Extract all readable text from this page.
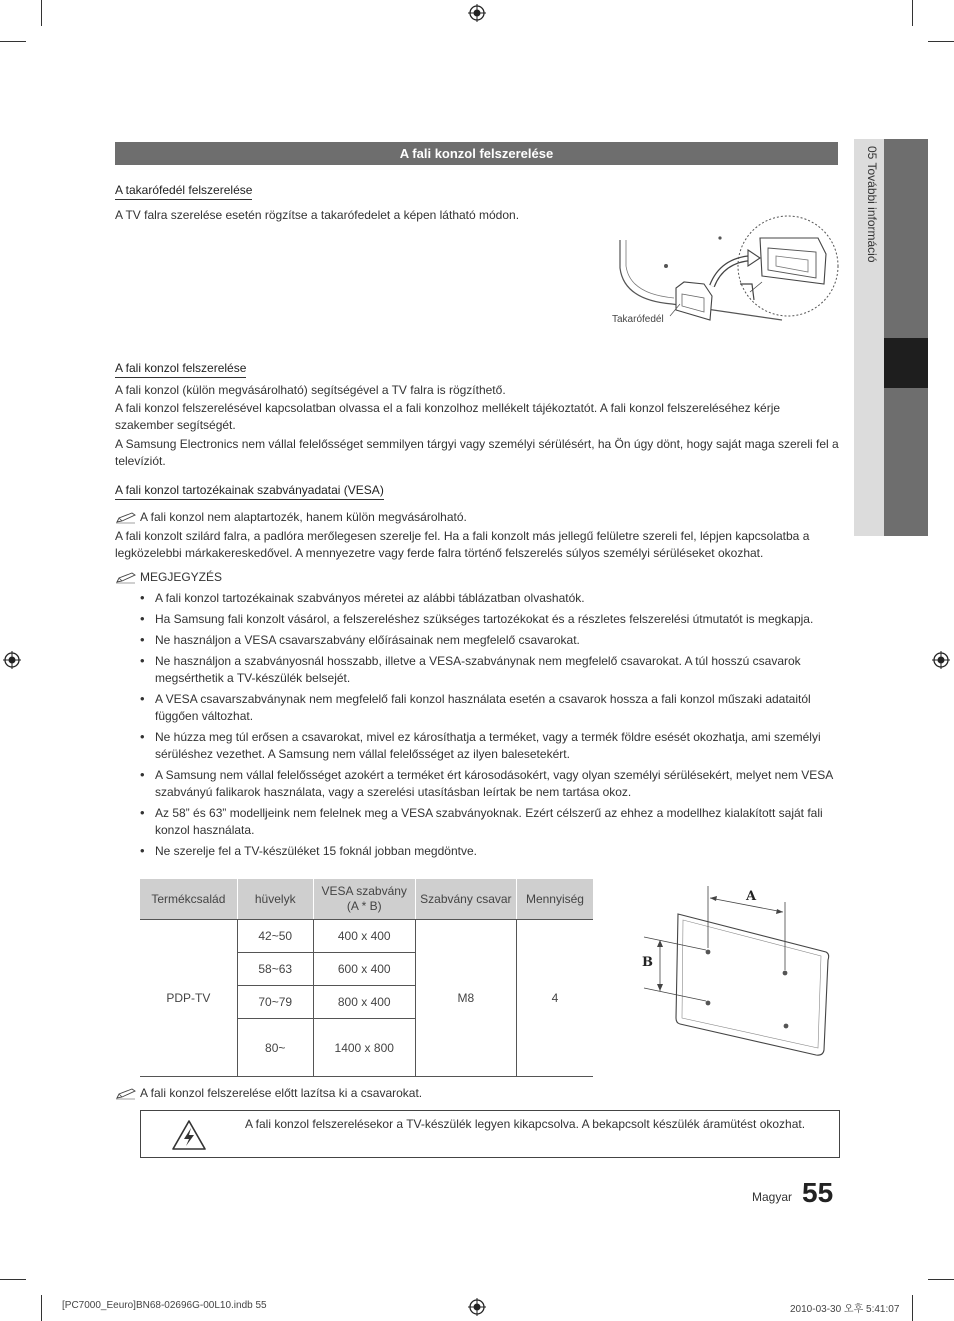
05 További információ
A fali konzol felszerelése
A takarófedél felszerelése
A TV falra szerelése esetén rögzítse a takarófedelet a képen látható módon.
Takarófedél
A fali konzol felszerelése
A fali konzol (külön megvásárolható) segítségével a TV falra is rögzíthető.
A fali konzol felszerelésével kapcsolatban olvassa el a fali konzolhoz mellékelt tájékoztatót. A fali konzol felszereléséhez kérje szakember segítségét.
A Samsung Electronics nem vállal felelősséget semmilyen tárgyi vagy személyi sérülésért, ha Ön úgy dönt, hogy saját maga szereli fel a televíziót.
A fali konzol tartozékainak szabványadatai (VESA)
A fali konzol nem alaptartozék, hanem külön megvásárolható.
A fali konzolt szilárd falra, a padlóra merőlegesen szerelje fel. Ha a fali konzolt más jellegű felületre szereli fel, lépjen kapcsolatba a legközelebbi márkakereskedővel. A mennyezetre vagy ferde falra történő felszerelés súlyos személyi sérüléseket okozhat.
MEGJEGYZÉS
• A fali konzol tartozékainak szabványos méretei az alábbi táblázatban olvashatók.
• Ha Samsung fali konzolt vásárol, a felszereléshez szükséges tartozékokat és a részletes felszerelési útmutatót is megkapja.
• Ne használjon a VESA csavarszabvány előírásainak nem megfelelő csavarokat.
• Ne használjon a szabványosnál hosszabb, illetve a VESA-szabványnak nem megfelelő csavarokat. A túl hosszú csavarok megsérthetik a TV-készülék belsejét.
• A VESA csavarszabványnak nem megfelelő fali konzol használata esetén a csavarok hossza a fali konzol műszaki adataitól függően változhat.
• Ne húzza meg túl erősen a csavarokat, mivel ez károsíthatja a terméket, vagy a termék földre esését okozhatja, ami személyi sérüléshez vezethet. A Samsung nem vállal felelősséget az ilyen balesetekért.
• A Samsung nem vállal felelősséget azokért a terméket ért károsodásokért, vagy olyan személyi sérülésekért, melyet nem VESA szabványú falikarok használata, vagy a szerelési utasításban leírtak be nem tartása okoz.
• Az 58” és 63” modelljeink nem felelnek meg a VESA szabványoknak. Ezért célszerű az ehhez a modellhez kialakított saját fali konzol használata.
• Ne szerelje fel a TV-készüléket 15 foknál jobban megdöntve.
Termékcsalád	hüvelyk	VESA szabvány (A * B)	Szabvány csavar	Mennyiség
PDP-TV	42~50	400 x 400	M8	4
	58~63	600 x 400		
	70~79	800 x 400		
	80~	1400 x 800		
A
B
A fali konzol felszerelése előtt lazítsa ki a csavarokat.
A fali konzol felszerelésekor a TV-készülék legyen kikapcsolva. A bekapcsolt készülék áramütést okozhat.
Magyar 55
[PC7000_Eeuro]BN68-02696G-00L10.indb 55	2010-03-30 오후 5:41:07
